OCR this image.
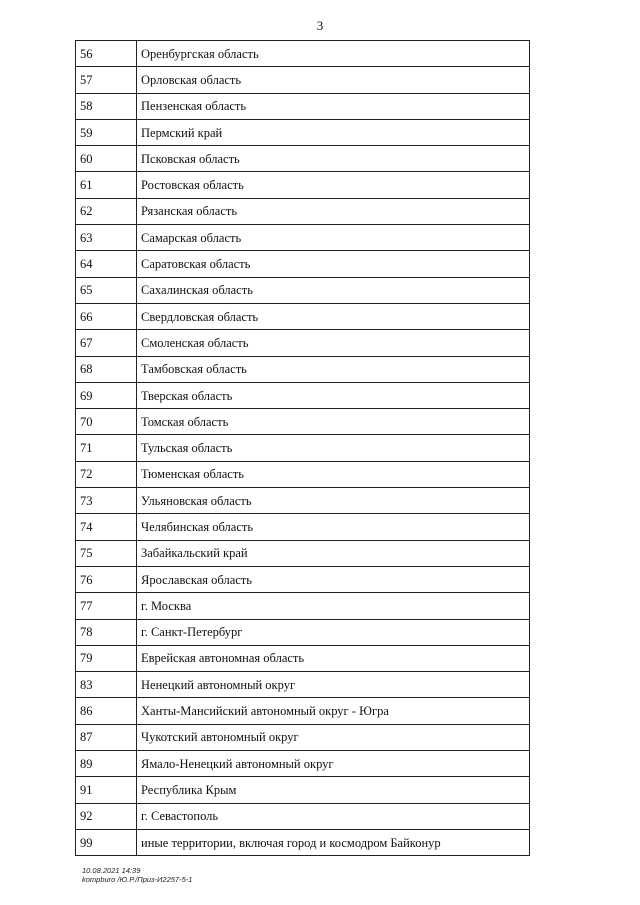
3
56	Оренбургская область
57	Орловская область
58	Пензенская область
59	Пермский край
60	Псковская область
61	Ростовская область
62	Рязанская область
63	Самарская область
64	Саратовская область
65	Сахалинская область
66	Свердловская область
67	Смоленская область
68	Тамбовская область
69	Тверская область
70	Томская область
71	Тульская область
72	Тюменская область
73	Ульяновская область
74	Челябинская область
75	Забайкальский край
76	Ярославская область
77	г. Москва
78	г. Санкт-Петербург
79	Еврейская автономная область
83	Ненецкий автономный округ
86	Ханты-Мансийский автономный округ - Югра
87	Чукотский автономный округ
89	Ямало-Ненецкий автономный округ
91	Республика Крым
92	г. Севастополь
99	иные территории, включая город и космодром Байконур
10.08.2021 14:39
kompburo /Ю.Р./Приз-И2257-5-1
